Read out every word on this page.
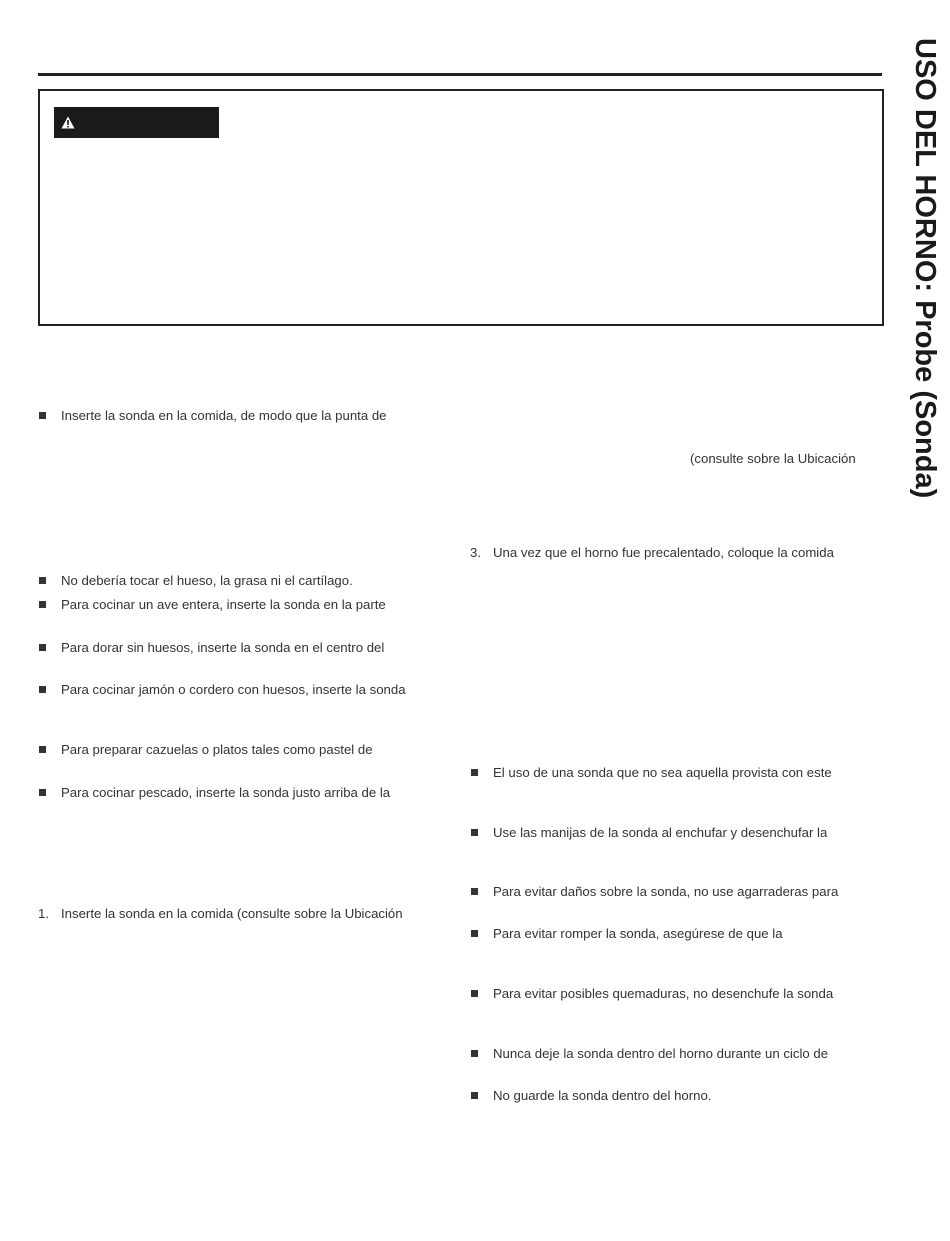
USO DEL HORNO: Probe (Sonda)
Inserte la sonda en la comida, de modo que la punta de
No debería tocar el hueso, la grasa ni el cartílago.
Para cocinar un ave entera, inserte la sonda en la parte
Para dorar sin huesos, inserte la sonda en el centro del
Para cocinar jamón o cordero con huesos, inserte la sonda
Para preparar cazuelas o platos tales como pastel de
Para cocinar pescado, inserte la sonda justo arriba de la
1. Inserte la sonda en la comida (consulte sobre la Ubicación
(consulte sobre la Ubicación
3. Una vez que el horno fue precalentado, coloque la comida
El uso de una sonda que no sea aquella provista con este
Use las manijas de la sonda al enchufar y desenchufar la
Para evitar daños sobre la sonda, no use agarraderas para
Para evitar romper la sonda, asegúrese de que la
Para evitar posibles quemaduras, no desenchufe la sonda
Nunca deje la sonda dentro del horno durante un ciclo de
No guarde la sonda dentro del horno.
